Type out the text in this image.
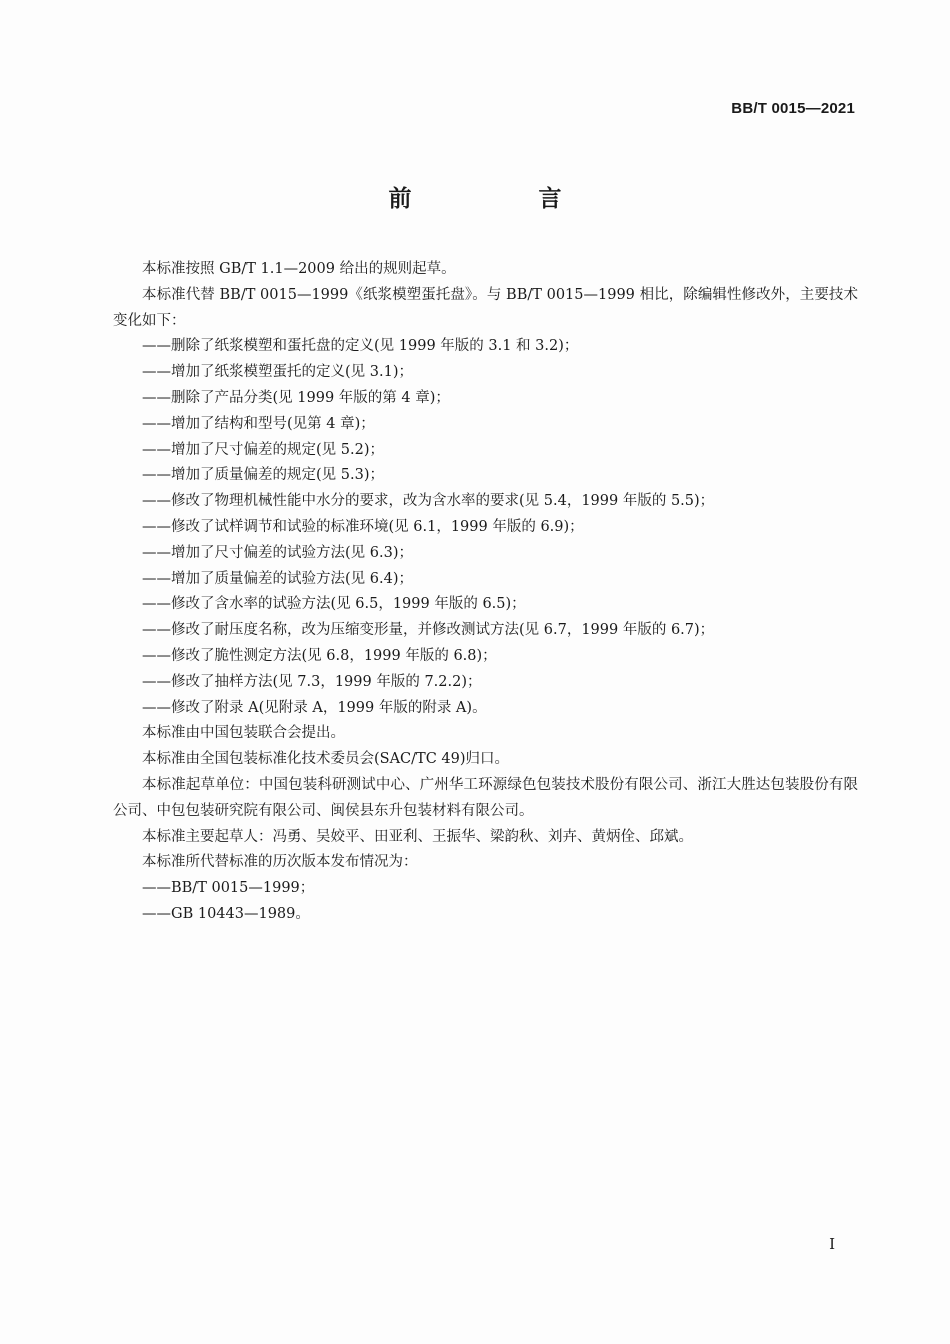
BB/T 0015—2021
前　言

本标准按照 GB/T 1.1—2009 给出的规则起草。

本标准代替 BB/T 0015—1999《纸浆模塑蛋托盘》。与 BB/T 0015—1999 相比，除编辑性修改外，主要技术变化如下：

——删除了纸浆模塑和蛋托盘的定义(见 1999 年版的 3.1 和 3.2)；

——增加了纸浆模塑蛋托的定义(见 3.1)；

——删除了产品分类(见 1999 年版的第 4 章)；

——增加了结构和型号(见第 4 章)；

——增加了尺寸偏差的规定(见 5.2)；

——增加了质量偏差的规定(见 5.3)；

——修改了物理机械性能中水分的要求，改为含水率的要求(见 5.4，1999 年版的 5.5)；

——修改了试样调节和试验的标准环境(见 6.1，1999 年版的 6.9)；

——增加了尺寸偏差的试验方法(见 6.3)；

——增加了质量偏差的试验方法(见 6.4)；

——修改了含水率的试验方法(见 6.5，1999 年版的 6.5)；

——修改了耐压度名称，改为压缩变形量，并修改测试方法(见 6.7，1999 年版的 6.7)；

——修改了脆性测定方法(见 6.8，1999 年版的 6.8)；

——修改了抽样方法(见 7.3，1999 年版的 7.2.2)；

——修改了附录 A(见附录 A，1999 年版的附录 A)。

本标准由中国包装联合会提出。

本标准由全国包装标准化技术委员会(SAC/TC 49)归口。

本标准起草单位：中国包装科研测试中心、广州华工环源绿色包装技术股份有限公司、浙江大胜达包装股份有限公司、中包包装研究院有限公司、闽侯县东升包装材料有限公司。

本标准主要起草人：冯勇、吴姣平、田亚利、王振华、梁韵秋、刘卉、黄炳佺、邱斌。

本标准所代替标准的历次版本发布情况为：

——BB/T 0015—1999；

——GB 10443—1989。

I
